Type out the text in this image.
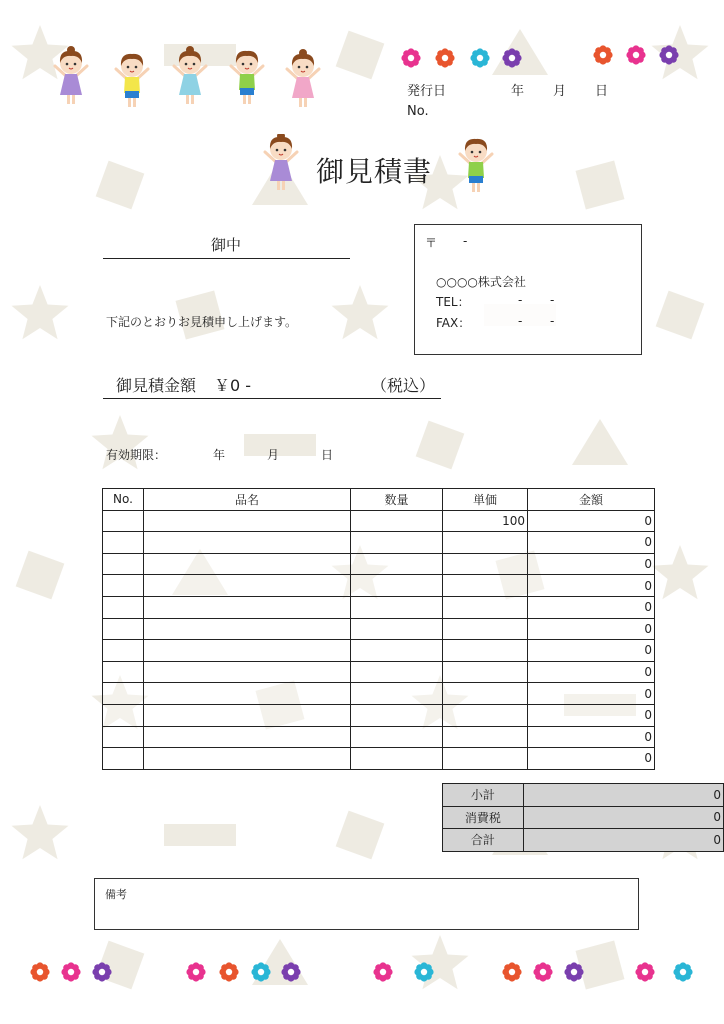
発行日	年	月	日
No.
御見積書
御中	〒 -
○○○○株式会社
TEL：	- -
FAX：	- -
下記のとおりお見積申し上げます。
御見積金額 ￥0 -	（税込）
有効期限：	年	月	日
No.	品名	数量	単価	金額
			100	0
				0
				0
				0
				0
				0
				0
				0
				0
				0
				0
				0
小計	0
消費税	0
合計	0
備考
